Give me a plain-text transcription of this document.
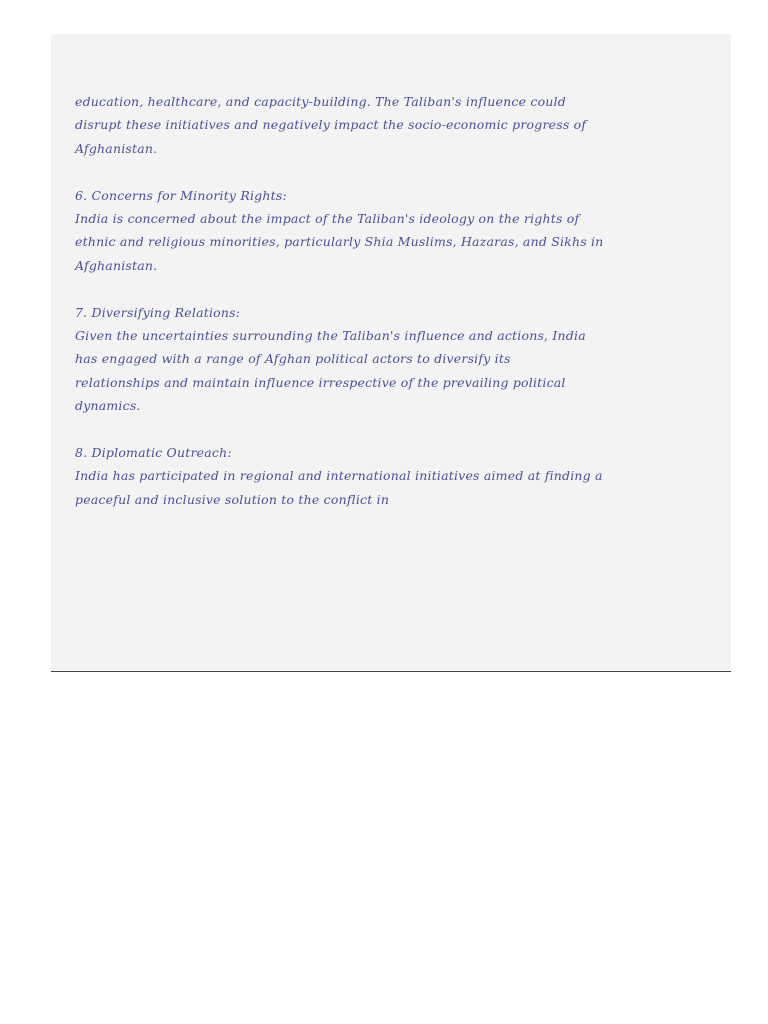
education, healthcare, and capacity-building. The Taliban's influence could
disrupt these initiatives and negatively impact the socio-economic progress of
Afghanistan.
6. Concerns for Minority Rights:
India is concerned about the impact of the Taliban's ideology on the rights of
ethnic and religious minorities, particularly Shia Muslims, Hazaras, and Sikhs in
Afghanistan.
7. Diversifying Relations:
Given the uncertainties surrounding the Taliban's influence and actions, India
has engaged with a range of Afghan political actors to diversify its
relationships and maintain influence irrespective of the prevailing political
dynamics.
8. Diplomatic Outreach:
India has participated in regional and international initiatives aimed at finding a
peaceful and inclusive solution to the conflict in
